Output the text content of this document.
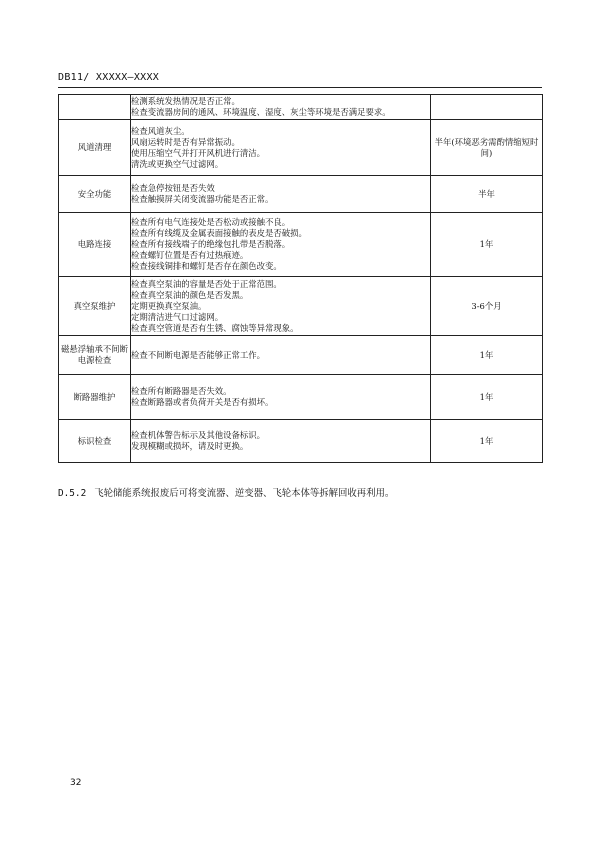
DB11/ XXXXX—XXXX

	检测系统发热情况是否正常。
检查变流器房间的通风、环境温度、湿度、灰尘等环境是否满足要求。	

风道清理	检查风道灰尘。
风扇运转时是否有异常振动。
使用压缩空气并打开风机进行清洁。
清洗或更换空气过滤网。	半年(环境恶劣需酌情缩短时间)
安全功能	检查急停按钮是否失效
检查触摸屏关闭变流器功能是否正常。	半年
电路连接	检查所有电气连接处是否松动或接触不良。
检查所有线缆及金属表面接触的表皮是否破损。
检查所有接线端子的绝缘包扎带是否脱落。
检查螺钉位置是否有过热痕迹。
检查接线铜排和螺钉是否存在颜色改变。	1年
真空泵维护	检查真空泵油的容量是否处于正常范围。
检查真空泵油的颜色是否发黑。
定期更换真空泵油。
定期清洁进气口过滤网。
检查真空管道是否有生锈、腐蚀等异常现象。	3-6个月
磁悬浮轴承不间断电源检查	检查不间断电源是否能够正常工作。	1年
断路器维护	检查所有断路器是否失效。
检查断路器或者负荷开关是否有损坏。	1年
标识检查	检查机体警告标示及其他设备标识。
发现模糊或损坏，请及时更换。	1年
D.5.2 飞轮储能系统报废后可将变流器、逆变器、飞轮本体等拆解回收再利用。
32
